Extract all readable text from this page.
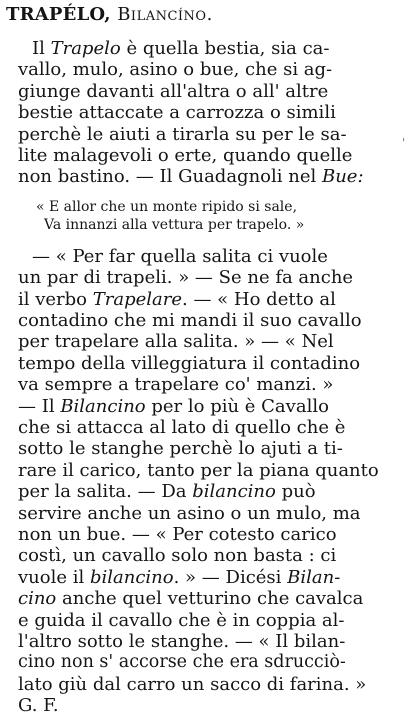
TRAPÉLO, Bilancíno.
Il Trapelo è quella bestia, sia ca-
vallo, mulo, asino o bue, che si ag-
giunge davanti all'altra o all' altre
bestie attaccate a carrozza o simili
perchè le aiuti a tirarla su per le sa-
lite malagevoli o erte, quando quelle
non bastino. — Il Guadagnoli nel Bue:
'
« E allor che un monte ripido si sale,
Va innanzi alla vettura per trapelo. »
— « Per far quella salita ci vuole
un par di trapeli. » — Se ne fa anche
il verbo Trapelare. — « Ho detto al
contadino che mi mandi il suo cavallo
per trapelare alla salita. » — « Nel
tempo della villeggiatura il contadino
va sempre a trapelare co' manzi. »
— Il Bilancino per lo più è Cavallo
che si attacca al lato di quello che è
sotto le stanghe perchè lo ajuti a ti-
rare il carico, tanto per la piana quanto
per la salita. — Da bilancino può
servire anche un asino o un mulo, ma
non un bue. — « Per cotesto carico
costì, un cavallo solo non basta : ci
vuole il bilancino. » — Dicési Bilan-
cino anche quel vetturino che cavalca
e guida il cavallo che è in coppia al-
l'altro sotto le stanghe. — « Il bilan-
cino non s' accorse che era sdrucciò-
lato giù dal carro un sacco di farina. »
G. F.
